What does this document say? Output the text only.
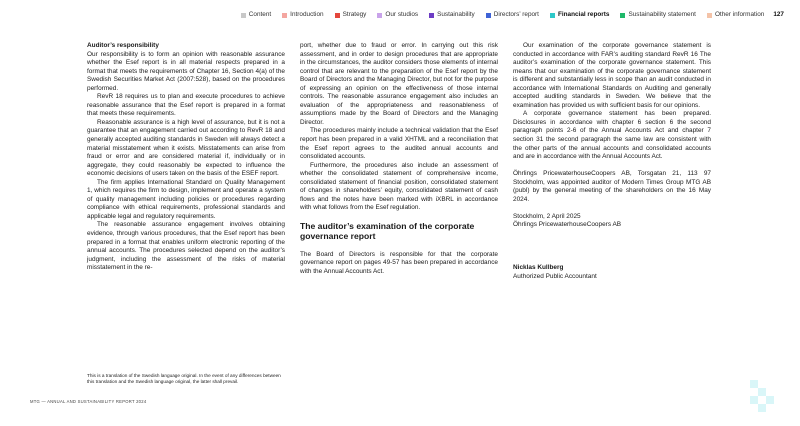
Content	Introduction	Strategy	Our studios	Sustainability	Directors’ report	Financial reports	Sustainability statement	Other information 127
Auditor’s responsibility

Our responsibility is to form an opinion with reasonable assurance whether the Esef report is in all material respects prepared in a format that meets the requirements of Chapter 16, Section 4(a) of the Swedish Securities Market Act (2007:528), based on the procedures performed.

RevR 18 requires us to plan and execute procedures to achieve reasonable assurance that the Esef report is prepared in a format that meets these requirements.

Reasonable assurance is a high level of assurance, but it is not a guarantee that an engagement carried out according to RevR 18 and generally accepted auditing standards in Sweden will always detect a material misstatement when it exists. Misstatements can arise from fraud or error and are considered material if, individually or in aggregate, they could reasonably be expected to influence the economic decisions of users taken on the basis of the ESEF report.

The firm applies International Standard on Quality Management 1, which requires the firm to design, implement and operate a system of quality management including policies or procedures regarding compliance with ethical requirements, professional standards and applicable legal and regulatory requirements.

The reasonable assurance engagement involves obtaining evidence, through various procedures, that the Esef report has been prepared in a format that enables uniform electronic reporting of the annual accounts. The procedures selected depend on the auditor’s judgment, including the assessment of the risks of material misstatement in the re-

port, whether due to fraud or error. In carrying out this risk assessment, and in order to design procedures that are appropriate in the circumstances, the auditor considers those elements of internal control that are relevant to the preparation of the Esef report by the Board of Directors and the Managing Director, but not for the purpose of expressing an opinion on the effectiveness of those internal controls. The reasonable assurance engagement also includes an evaluation of the appropriateness and reasonableness of assumptions made by the Board of Directors and the Managing Director.

The procedures mainly include a technical validation that the Esef report has been prepared in a valid XHTML and a reconciliation that the Esef report agrees to the audited annual accounts and consolidated accounts.

Furthermore, the procedures also include an assessment of whether the consolidated statement of comprehensive income, consolidated statement of financial position, consolidated statement of changes in shareholders’ equity, consolidated statement of cash flows and the notes have been marked with iXBRL in accordance with what follows from the Esef regulation.

The auditor’s examination of the corporate governance report

The Board of Directors is responsible for that the corporate governance report on pages 49-57 has been prepared in accordance with the Annual Accounts Act.

Our examination of the corporate governance statement is conducted in accordance with FAR’s auditing standard RevR 16 The auditor’s examination of the corporate governance statement. This means that our examination of the corporate governance statement is different and substantially less in scope than an audit conducted in accordance with International Standards on Auditing and generally accepted auditing standards in Sweden. We believe that the examination has provided us with sufficient basis for our opinions.

A corporate governance statement has been prepared. Disclosures in accordance with chapter 6 section 6 the second paragraph points 2-6 of the Annual Accounts Act and chapter 7 section 31 the second paragraph the same law are consistent with the other parts of the annual accounts and consolidated accounts and are in accordance with the Annual Accounts Act.

Öhrlings PricewaterhouseCoopers AB, Torsgatan 21, 113 97 Stockholm, was appointed auditor of Modern Times Group MTG AB (publ) by the general meeting of the shareholders on the 16 May 2024.

Stockholm, 2 April 2025

Öhrlings PricewaterhouseCoopers AB

Nicklas Kullberg

Authorized Public Accountant

This is a translation of the Swedish language original. In the event of any differences between this translation and the Swedish language original, the latter shall prevail.
MTG — ANNUAL AND SUSTAINABILITY REPORT 2024
